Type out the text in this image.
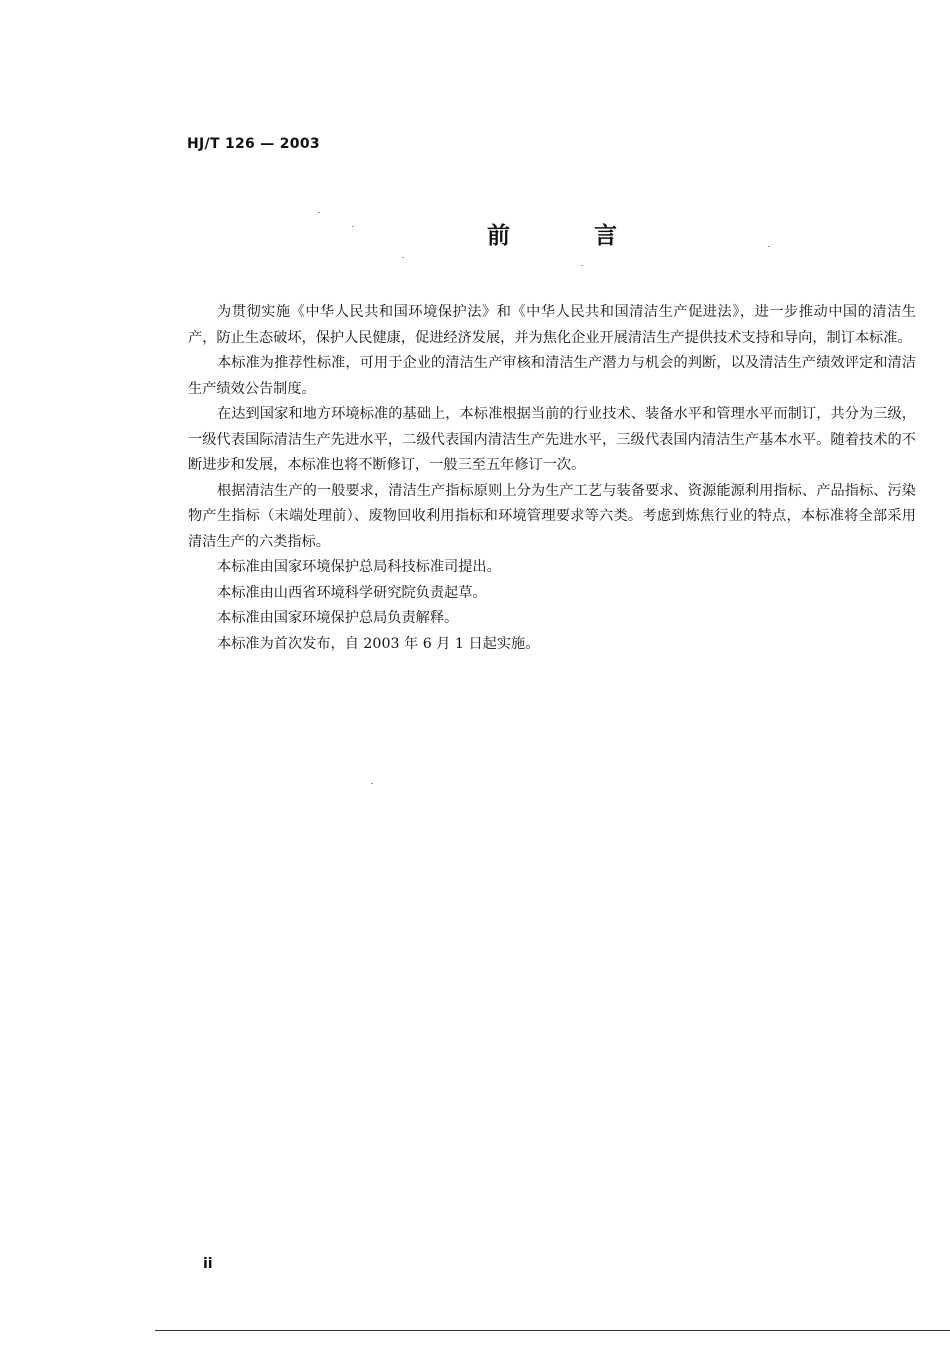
HJ/T 126 — 2003
前	言

为贯彻实施《中华人民共和国环境保护法》和《中华人民共和国清洁生产促进法》，进一步推动中国的清洁生产，防止生态破坏，保护人民健康，促进经济发展，并为焦化企业开展清洁生产提供技术支持和导向，制订本标准。

本标准为推荐性标准，可用于企业的清洁生产审核和清洁生产潜力与机会的判断，以及清洁生产绩效评定和清洁生产绩效公告制度。

在达到国家和地方环境标准的基础上，本标准根据当前的行业技术、装备水平和管理水平而制订，共分为三级，一级代表国际清洁生产先进水平，二级代表国内清洁生产先进水平，三级代表国内清洁生产基本水平。随着技术的不断进步和发展，本标准也将不断修订，一般三至五年修订一次。

根据清洁生产的一般要求，清洁生产指标原则上分为生产工艺与装备要求、资源能源利用指标、产品指标、污染物产生指标（末端处理前）、废物回收利用指标和环境管理要求等六类。考虑到炼焦行业的特点，本标准将全部采用清洁生产的六类指标。

本标准由国家环境保护总局科技标准司提出。

本标准由山西省环境科学研究院负责起草。

本标准由国家环境保护总局负责解释。

本标准为首次发布，自 2003 年 6 月 1 日起实施。

ii
